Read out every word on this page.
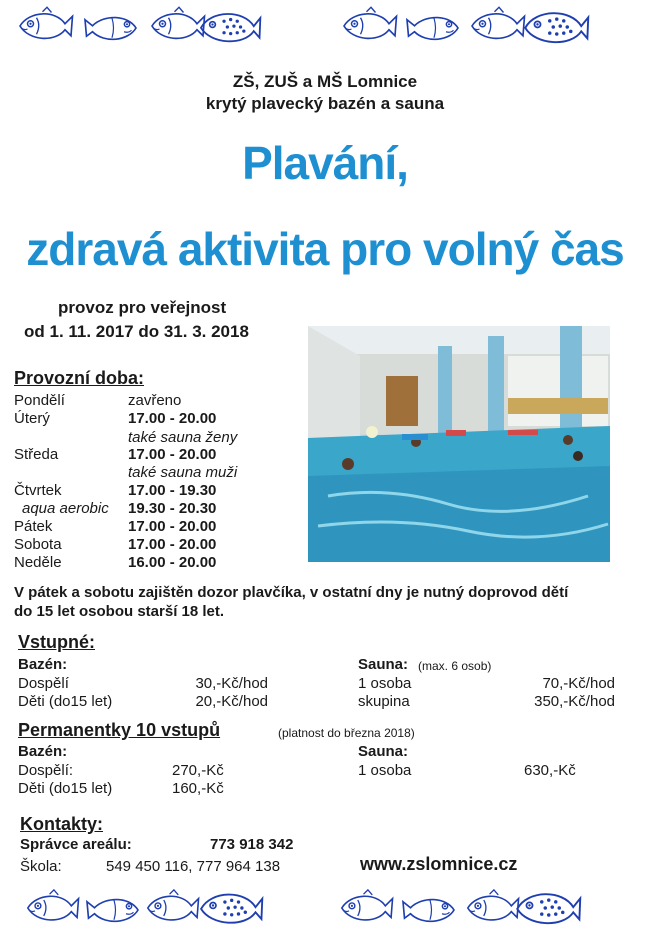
ZŠ, ZUŠ a MŠ Lomnice
krytý plavecký bazén a sauna
Plavání,
zdravá aktivita pro volný čas
provoz pro veřejnost
od 1. 11. 2017 do 31. 3. 2018
Provozní doba:
Pondělí	zavřeno
Úterý	17.00 - 20.00
také sauna ženy
Středa	17.00 - 20.00
také sauna muži
Čtvrtek	17.00 - 19.30
aqua aerobic 19.30 - 20.30
Pátek	17.00 - 20.00
Sobota	17.00 - 20.00
Neděle	16.00 - 20.00
V pátek a sobotu zajištěn dozor plavčíka, v ostatní dny je nutný doprovod dětí
do 15 let osobou starší 18 let.
Vstupné:
Bazén:
Dospělí	30,-Kč/hod
Děti (do15 let)	20,-Kč/hod
Sauna: (max. 6 osob)
1 osoba	70,-Kč/hod
skupina	350,-Kč/hod
Permanentky 10 vstupů	(platnost do března 2018)
Bazén:
Dospělí:	270,-Kč
Děti (do15 let)	160,-Kč
Sauna:
1 osoba	630,-Kč
Kontakty:
Správce areálu:	773 918 342
Škola:	549 450 116, 777 964 138	www.zslomnice.cz
